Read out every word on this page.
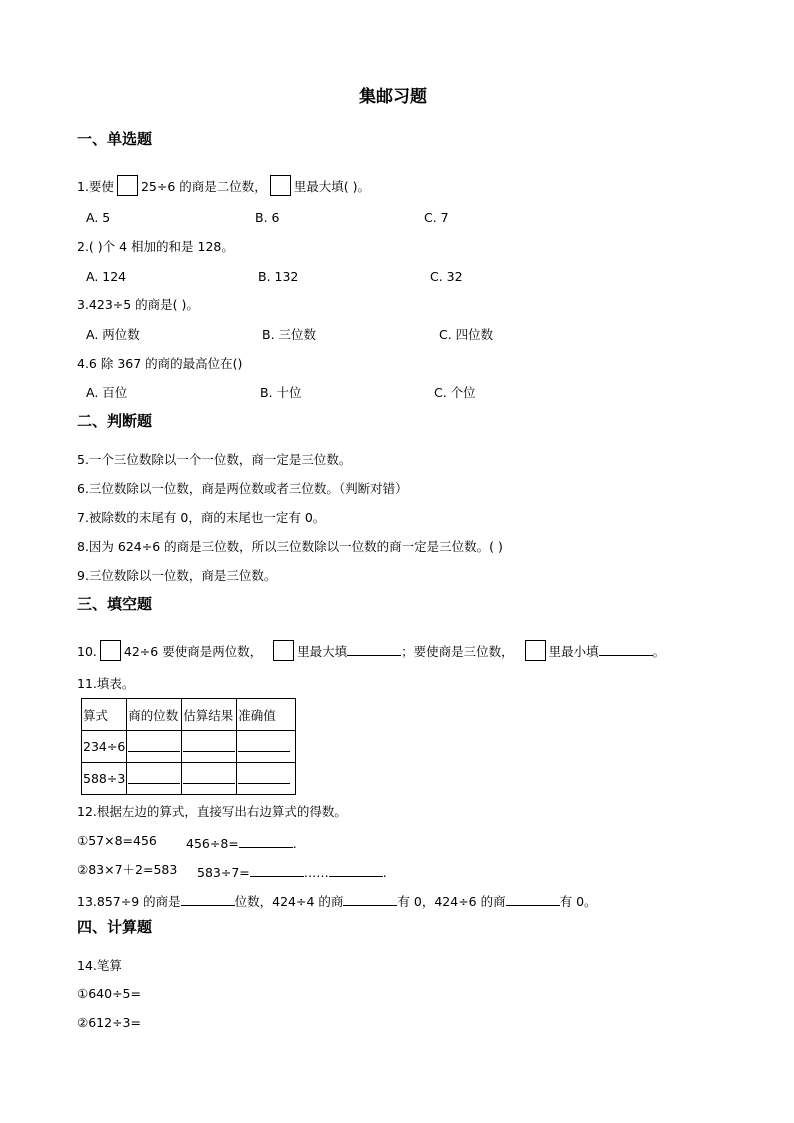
集邮习题
一、单选题
1.要使 25÷6 的商是二位数， 里最大填( )。
A. 5	B. 6	C. 7
2.( )个 4 相加的和是 128。
A. 124	B. 132	C. 32
3.423÷5 的商是( )。
A. 两位数	B. 三位数	C. 四位数
4.6 除 367 的商的最高位在()
A. 百位	B. 十位	C. 个位
二、判断题
5.一个三位数除以一个一位数，商一定是三位数。
6.三位数除以一位数，商是两位数或者三位数。（判断对错）
7.被除数的末尾有 0，商的末尾也一定有 0。
8.因为 624÷6 的商是三位数，所以三位数除以一位数的商一定是三位数。( )
9.三位数除以一位数，商是三位数。
三、填空题
10. 42÷6 要使商是两位数，	里最大填	；要使商是三位数，	里最小填	。
11.填表。
算式	商的位数	估算结果	准确值
234÷6			
588÷3			
12.根据左边的算式，直接写出右边算式的得数。
①57×8=456 456÷8=	.
②83×7＋2=583 583÷7=	……	.
13.857÷9 的商是	位数，424÷4 的商	有 0，424÷6 的商	有 0。
四、计算题
14.笔算
①640÷5=
②612÷3=
